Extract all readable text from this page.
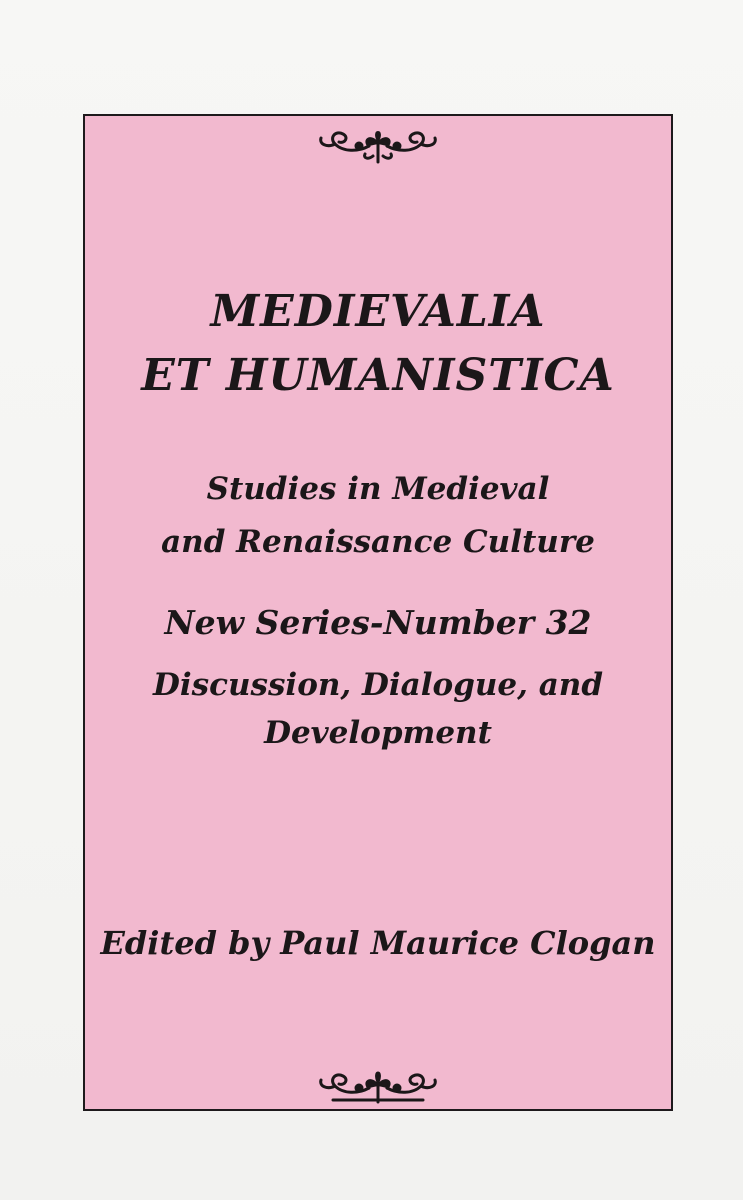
MEDIEVALIA
ET HUMANISTICA
Studies in Medieval
and Renaissance Culture
New Series-Number 32
Discussion, Dialogue, and
Development
Edited by Paul Maurice Clogan
